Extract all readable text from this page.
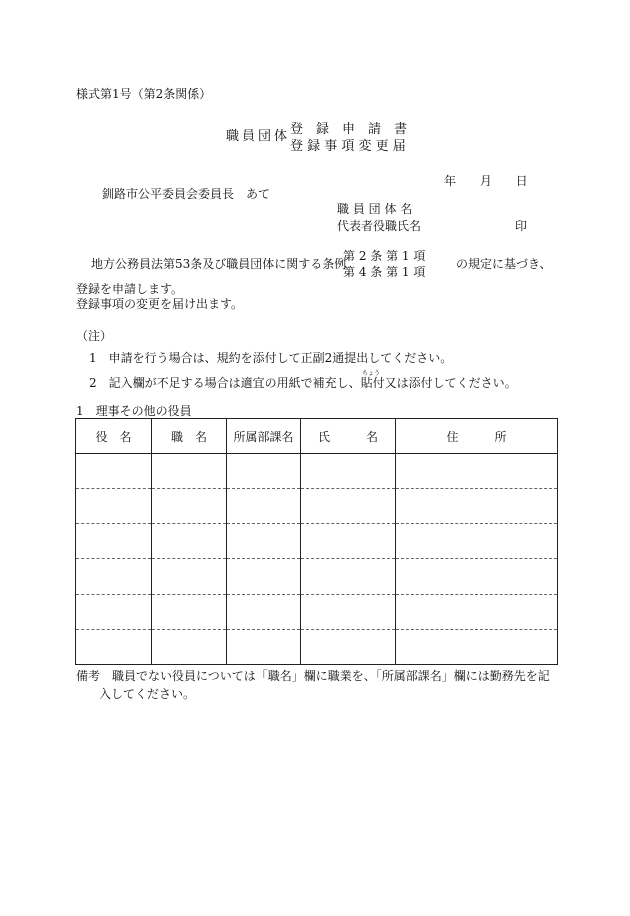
様式第1号（第2条関係）
職員団体 登　録　申　請　書
登 録 事 項 変 更 届
年 月 日
釧路市公平委員会委員長　あて
職 員 団 体 名
代表者役職氏名	印
地方公務員法第53条及び職員団体に関する条例
第 2 条 第 1 項
第 4 条 第 1 項
の規定に基づき、
登録を申請します。
登録事項の変更を届け出ます。
（注）
1　申請を行う場合は、規約を添付して正副2通提出してください。
ちょう
2　記入欄が不足する場合は適宜の用紙で補充し、貼付又は添付してください。
1　理事その他の役員
役　名	職　名	所属部課名	氏　　　名	住　　　所

備考　職員でない役員については「職名」欄に職業を、「所属部課名」欄には勤務先を記
入してください。
